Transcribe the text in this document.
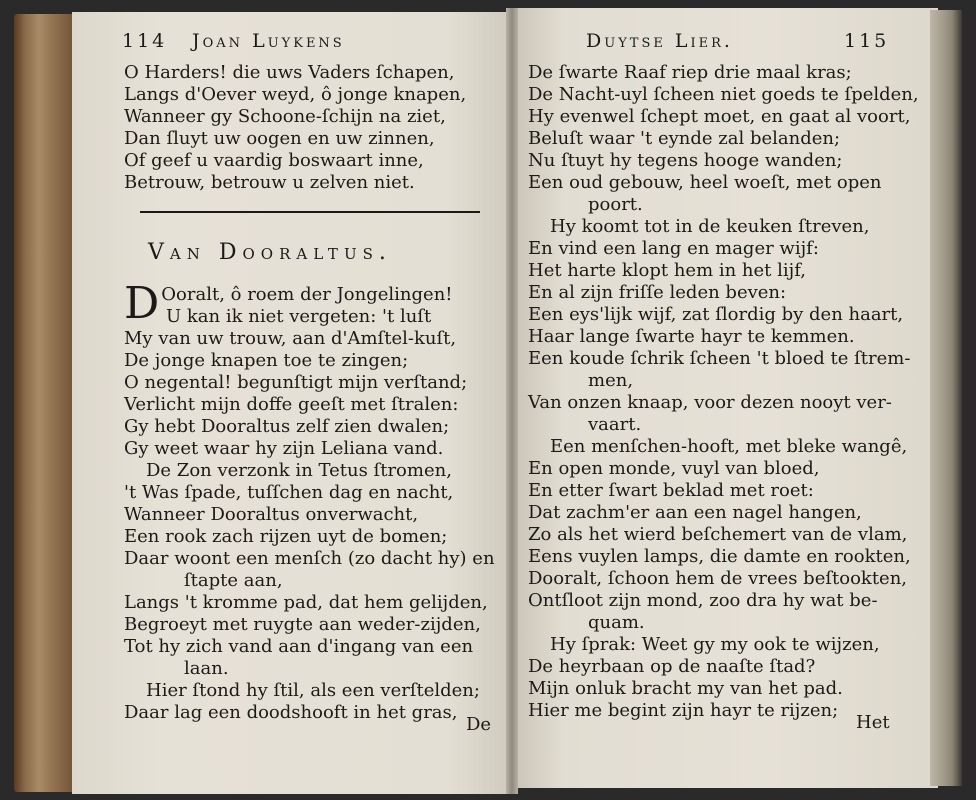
114 Joan Luykens
O Harders! die uws Vaders ſchapen,
Langs d'Oever weyd, ô jonge knapen,
Wanneer gy Schoone-ſchijn na ziet,
Dan ſluyt uw oogen en uw zinnen,
Of geef u vaardig boswaart inne,
Betrouw, betrouw u zelven niet.
Van Dooraltus.
D Ooralt, ô roem der Jongelingen!
U kan ik niet vergeten: 't luſt
My van uw trouw, aan d'Amſtel-kuſt,
De jonge knapen toe te zingen;
O negental! begunſtigt mijn verſtand;
Verlicht mijn doffe geeſt met ſtralen:
Gy hebt Dooraltus zelf zien dwalen;
Gy weet waar hy zijn Leliana vand.
De Zon verzonk in Tetus ſtromen,
't Was ſpade, tuſſchen dag en nacht,
Wanneer Dooraltus onverwacht,
Een rook zach rijzen uyt de bomen;
Daar woont een menſch (zo dacht hy) en
ſtapte aan,
Langs 't kromme pad, dat hem gelijden,
Begroeyt met ruygte aan weder-zijden,
Tot hy zich vand aan d'ingang van een
laan.
Hier ſtond hy ſtil, als een verſtelden;
Daar lag een doodshooft in het gras,
De
Duytse Lier.	115
De ſwarte Raaf riep drie maal kras;
De Nacht-uyl ſcheen niet goeds te ſpelden,
Hy evenwel ſchept moet, en gaat al voort,
Beluſt waar 't eynde zal belanden;
Nu ſtuyt hy tegens hooge wanden;
Een oud gebouw, heel woeſt, met open
poort.
Hy koomt tot in de keuken ſtreven,
En vind een lang en mager wijf:
Het harte klopt hem in het lijf,
En al zijn friſſe leden beven:
Een eys'lijk wijf, zat ſlordig by den haart,
Haar lange ſwarte hayr te kemmen.
Een koude ſchrik ſcheen 't bloed te ſtrem-
men,
Van onzen knaap, voor dezen nooyt ver-
vaart.
Een menſchen-hooft, met bleke wangê,
En open monde, vuyl van bloed,
En etter ſwart beklad met roet:
Dat zachm'er aan een nagel hangen,
Zo als het wierd beſchemert van de vlam,
Eens vuylen lamps, die damte en rookten,
Dooralt, ſchoon hem de vrees beſtookten,
Ontſloot zijn mond, zoo dra hy wat be-
quam.
Hy ſprak: Weet gy my ook te wijzen,
De heyrbaan op de naaſte ſtad?
Mijn onluk bracht my van het pad.
Hier me begint zijn hayr te rijzen;
Het
